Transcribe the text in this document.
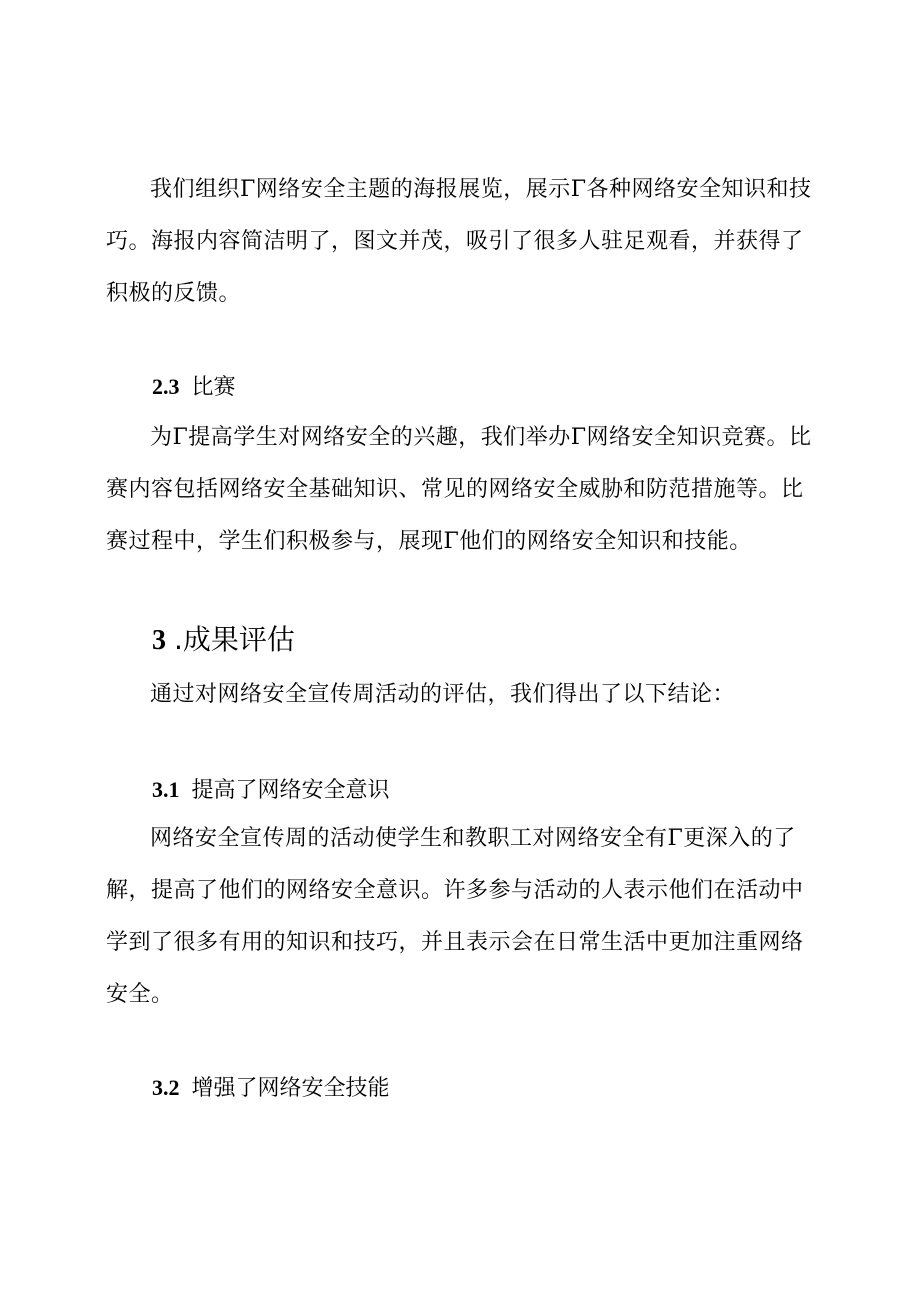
我们组织Γ网络安全主题的海报展览，展示Γ各种网络安全知识和技巧。海报内容简洁明了，图文并茂，吸引了很多人驻足观看，并获得了积极的反馈。

2.3 比赛

为Γ提高学生对网络安全的兴趣，我们举办Γ网络安全知识竞赛。比赛内容包括网络安全基础知识、常见的网络安全威胁和防范措施等。比赛过程中，学生们积极参与，展现Γ他们的网络安全知识和技能。

3 .成果评估

通过对网络安全宣传周活动的评估，我们得出了以下结论：

3.1 提高了网络安全意识

网络安全宣传周的活动使学生和教职工对网络安全有Γ更深入的了解，提高了他们的网络安全意识。许多参与活动的人表示他们在活动中学到了很多有用的知识和技巧，并且表示会在日常生活中更加注重网络安全。

3.2 增强了网络安全技能
